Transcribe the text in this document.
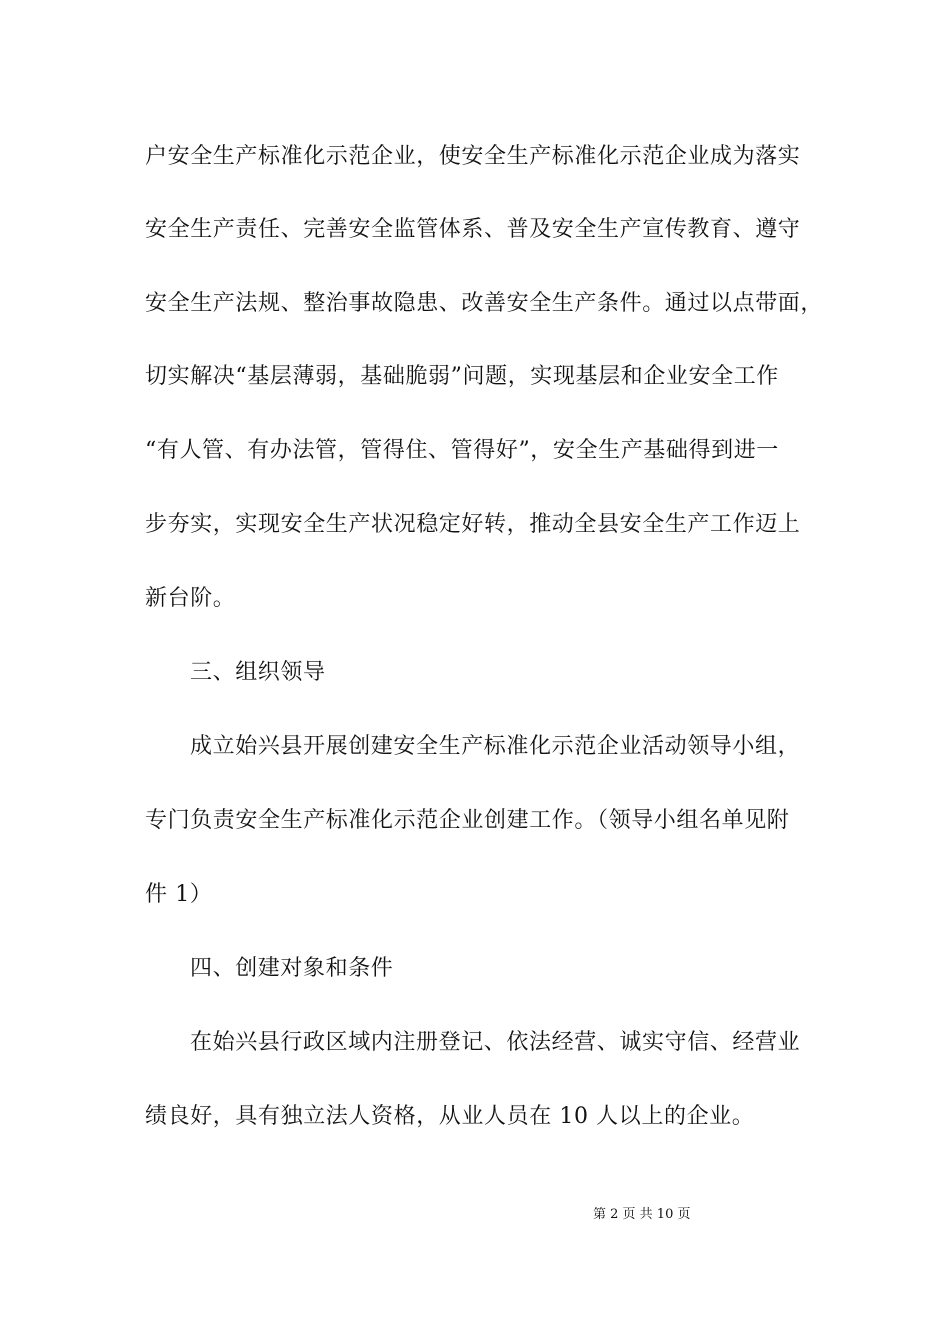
户安全生产标准化示范企业，使安全生产标准化示范企业成为落实
安全生产责任、完善安全监管体系、普及安全生产宣传教育、遵守
安全生产法规、整治事故隐患、改善安全生产条件。通过以点带面，
切实解决“基层薄弱，基础脆弱”问题，实现基层和企业安全工作
“有人管、有办法管，管得住、管得好”，安全生产基础得到进一
步夯实，实现安全生产状况稳定好转，推动全县安全生产工作迈上
新台阶。
三、组织领导
成立始兴县开展创建安全生产标准化示范企业活动领导小组，
专门负责安全生产标准化示范企业创建工作。（领导小组名单见附
件 1）
四、创建对象和条件
在始兴县行政区域内注册登记、依法经营、诚实守信、经营业
绩良好，具有独立法人资格，从业人员在 10 人以上的企业。
第 2 页 共 10 页
